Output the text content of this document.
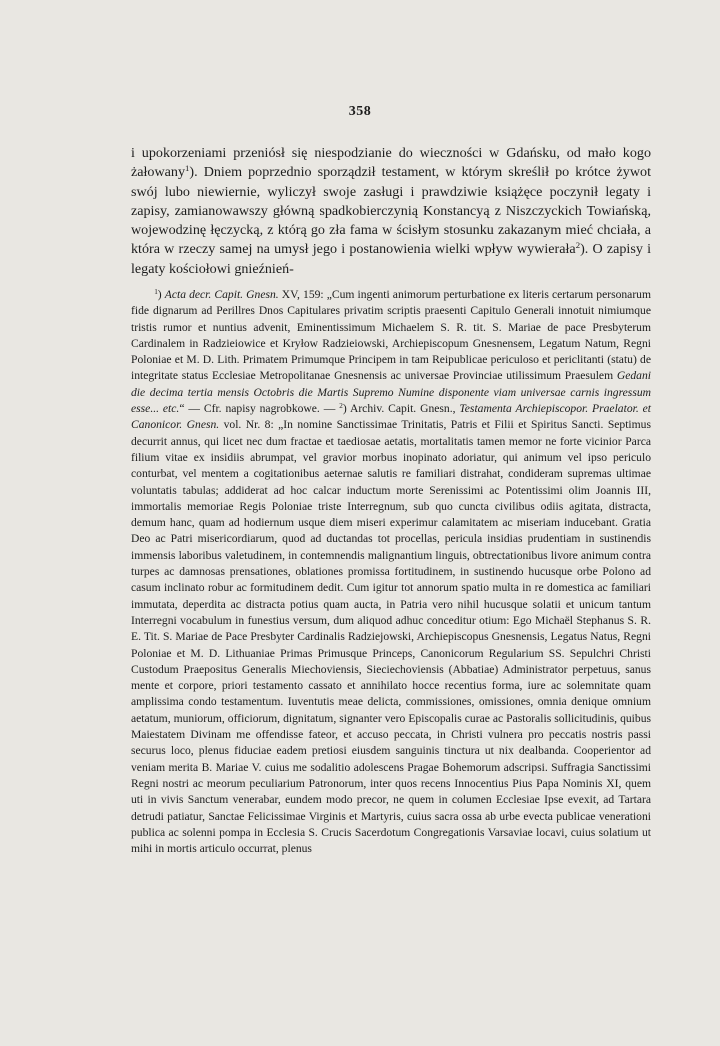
358

i upokorzeniami przeniósł się niespodzianie do wieczności w Gdańsku, od mało kogo żałowany$^1$). Dniem poprzednio sporządził testament, w którym skreślił po krótce żywot swój lubo niewiernie, wyliczył swoje zasługi i prawdziwie książęce poczynił legaty i zapisy, zamianowawszy główną spadkobierczynią Konstancyą z Niszczyckich Towiańską, wojewodzinę łęczycką, z którą go zła fama w ścisłym stosunku zakazanym mieć chciała, a która w rzeczy samej na umysł jego i postanowienia wielki wpływ wywierała$^2$). O zapisy i legaty kościołowi gnieźnień-

  $^1$) Acta decr. Capit. Gnesn. XV, 159: „Cum ingenti animorum perturbatione ex literis certarum personarum fide dignarum ad Perillres Dnos Capitulares privatim scriptis praesenti Capitulo Generali innotuit nimiumque tristis rumor et nuntius advenit, Eminentissimum Michaelem S. R. tit. S. Mariae de pace Presbyterum Cardinalem in Radzieiowice et Kryłow Radzieiowski, Archiepiscopum Gnesnensem, Legatum Natum, Regni Poloniae et M. D. Lith. Primatem Primumque Principem in tam Reipublicae periculoso et periclitanti (statu) de integritate status Ecclesiae Metropolitanae Gnesnensis ac universae Provinciae utilissimum Praesulem Gedani die decima tertia mensis Octobris die Martis Supremo Numine disponente viam universae carnis ingressum esse... etc.“ — Cfr. napisy nagrobkowe. — $^2$) Archiv. Capit. Gnesn., Testamenta Archiepiscopor. Praelator. et Canonicor. Gnesn. vol. Nr. 8: „In nomine Sanctissimae Trinitatis, Patris et Filii et Spiritus Sancti. Septimus decurrit annus, qui licet nec dum fractae et taediosae aetatis, mortalitatis tamen memor ne forte vicinior Parca filium vitae ex insidiis abrumpat, vel gravior morbus inopinato adoriatur, qui animum vel ipso periculo conturbat, vel mentem a cogitationibus aeternae salutis re familiari distrahat, condideram supremas ultimae voluntatis tabulas; addiderat ad hoc calcar inductum morte Serenissimi ac Potentissimi olim Joannis III, immortalis memoriae Regis Poloniae triste Interregnum, sub quo cuncta civilibus odiis agitata, distracta, demum hanc, quam ad hodiernum usque diem miseri experimur calamitatem ac miseriam inducebant. Gratia Deo ac Patri misericordiarum, quod ad ductandas tot procellas, pericula insidias prudentiam in sustinendis immensis laboribus valetudinem, in contemnendis malignantium linguis, obtrectationibus livore animum contra turpes ac damnosas prensationes, oblationes promissa fortitudinem, in sustinendo hucusque orbe Polono ad casum inclinato robur ac formitudinem dedit. Cum igitur tot annorum spatio multa in re domestica ac familiari immutata, deperdita ac distracta potius quam aucta, in Patria vero nihil hucusque solatii et unicum tantum Interregni vocabulum in funestius versum, dum aliquod adhuc conceditur otium: Ego Michaël Stephanus S. R. E. Tit. S. Mariae de Pace Presbyter Cardinalis Radziejowski, Archiepiscopus Gnesnensis, Legatus Natus, Regni Poloniae et M. D. Lithuaniae Primas Primusque Princeps, Canonicorum Regularium SS. Sepulchri Christi Custodum Praepositus Generalis Miechoviensis, Sieciechoviensis (Abbatiae) Administrator perpetuus, sanus mente et corpore, priori testamento cassato et annihilato hocce recentius forma, iure ac solemnitate quam amplissima condo testamentum. Iuventutis meae delicta, commissiones, omissiones, omnia denique omnium aetatum, muniorum, officiorum, dignitatum, signanter vero Episcopalis curae ac Pastoralis sollicitudinis, quibus Maiestatem Divinam me offendisse fateor, et accuso peccata, in Christi vulnera pro peccatis nostris passi securus loco, plenus fiduciae eadem pretiosi eiusdem sanguinis tinctura ut nix dealbanda. Cooperientor ad veniam merita B. Mariae V. cuius me sodalitio adolescens Pragae Bohemorum adscripsi. Suffragia Sanctissimi Regni nostri ac meorum peculiarium Patronorum, inter quos recens Innocentius Pius Papa Nominis XI, quem uti in vivis Sanctum venerabar, eundem modo precor, ne quem in columen Ecclesiae Ipse evexit, ad Tartara detrudi patiatur, Sanctae Felicissimae Virginis et Martyris, cuius sacra ossa ab urbe evecta publicae venerationi publica ac solenni pompa in Ecclesia S. Crucis Sacerdotum Congregationis Varsaviae locavi, cuius solatium ut mihi in mortis articulo occurrat, plenus
